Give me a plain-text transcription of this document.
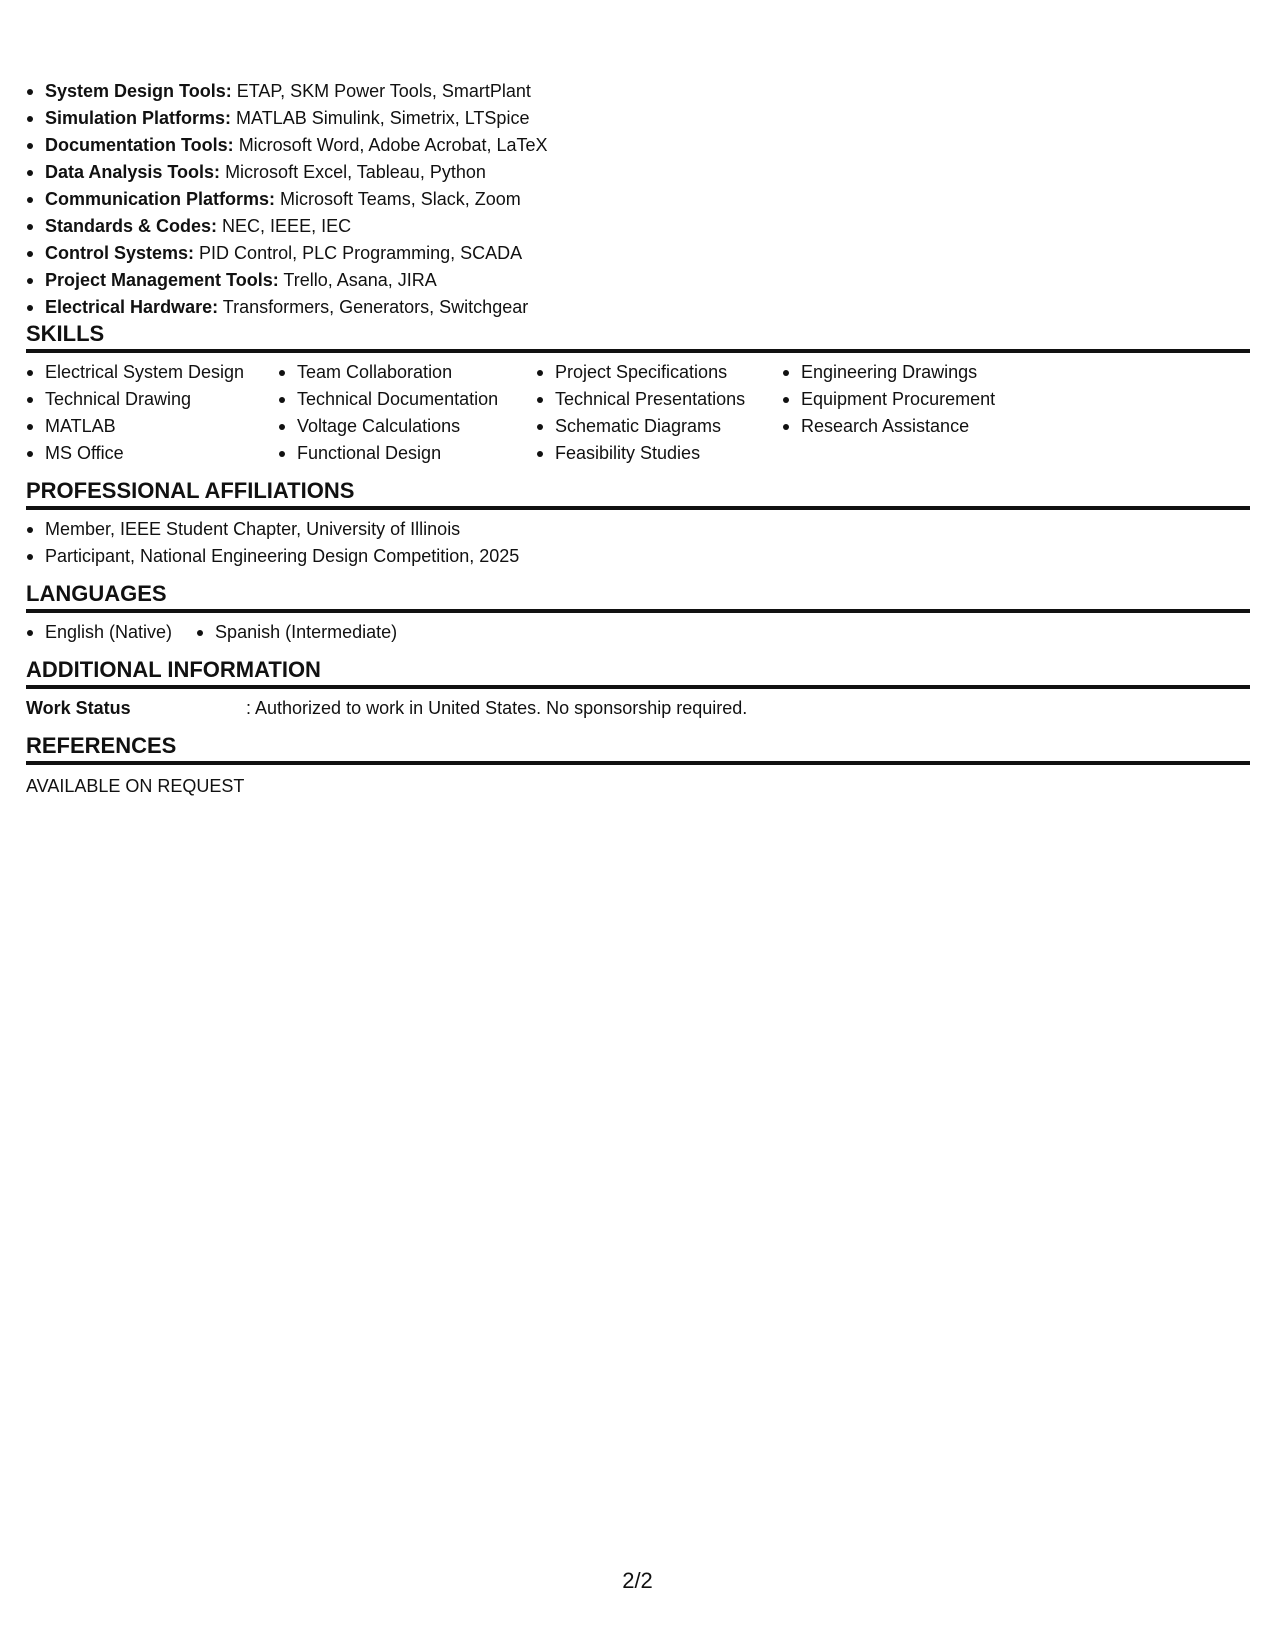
System Design Tools: ETAP, SKM Power Tools, SmartPlant
Simulation Platforms: MATLAB Simulink, Simetrix, LTSpice
Documentation Tools: Microsoft Word, Adobe Acrobat, LaTeX
Data Analysis Tools: Microsoft Excel, Tableau, Python
Communication Platforms: Microsoft Teams, Slack, Zoom
Standards & Codes: NEC, IEEE, IEC
Control Systems: PID Control, PLC Programming, SCADA
Project Management Tools: Trello, Asana, JIRA
Electrical Hardware: Transformers, Generators, Switchgear
SKILLS
Electrical System Design
Technical Drawing
MATLAB
MS Office
Team Collaboration
Technical Documentation
Voltage Calculations
Functional Design
Project Specifications
Technical Presentations
Schematic Diagrams
Feasibility Studies
Engineering Drawings
Equipment Procurement
Research Assistance
PROFESSIONAL AFFILIATIONS
Member, IEEE Student Chapter, University of Illinois
Participant, National Engineering Design Competition, 2025
LANGUAGES
English (Native)	Spanish (Intermediate)
ADDITIONAL INFORMATION
Work Status	: Authorized to work in United States. No sponsorship required.
REFERENCES
AVAILABLE ON REQUEST
2/2
